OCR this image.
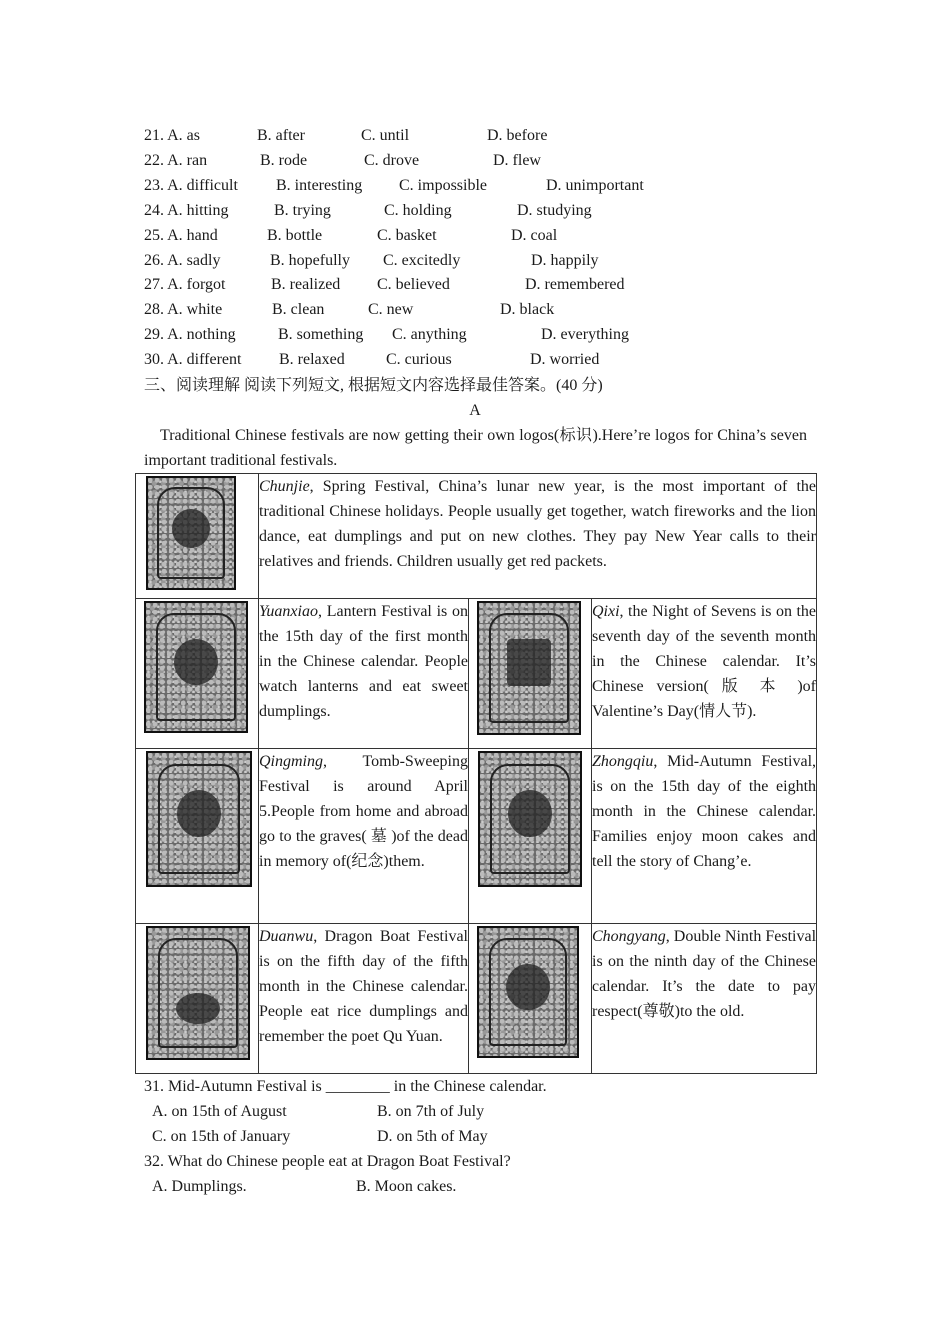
21. A. as	B. after	C. until	D. before
22. A. ran	B. rode	C. drove	D. flew
23. A. difficult B. interesting C. impossible	D. unimportant
24. A. hitting	B. trying	C. holding	D. studying
25. A. hand	B. bottle	C. basket	D. coal
26. A. sadly	B. hopefully C. excitedly	D. happily
27. A. forgot	B. realized C. believed	D. remembered
28. A. white	B. clean	C. new	D. black
29. A. nothing	B. something C. anything	D. everything
30. A. different B. relaxed	C. curious	D. worried
三、阅读理解 阅读下列短文, 根据短文内容选择最佳答案。(40 分)
A
Traditional Chinese festivals are now getting their own logos(标识).Here’re logos for China’s seven important traditional festivals.
	Chunjie, Spring Festival, China’s lunar new year, is the most important of the traditional Chinese holidays. People usually get together, watch fireworks and the lion dance, eat dumplings and put on new clothes. They pay New Year calls to their relatives and friends. Children usually get red packets.		

	Yuanxiao, Lantern Festival is on the 15th day of the first month in the Chinese calendar. People watch lanterns and eat sweet dumplings.		Qixi, the Night of Sevens is on the seventh day of the seventh month in the Chinese calendar. It’s Chinese version( 版 本 )of Valentine’s Day(情人节).

	Qingming, Tomb-Sweeping Festival is around April 5.People from home and abroad go to the graves( 墓 )of the dead in memory of(纪念)them.		Zhongqiu, Mid-Autumn Festival, is on the 15th day of the eighth month in the Chinese calendar. Families enjoy moon cakes and tell the story of Chang’e.

	Duanwu, Dragon Boat Festival is on the fifth day of the fifth month in the Chinese calendar. People eat rice dumplings and remember the poet Qu Yuan.		Chongyang, Double Ninth Festival is on the ninth day of the Chinese calendar. It’s the date to pay respect(尊敬)to the old.
31. Mid-Autumn Festival is ________ in the Chinese calendar.
A. on 15th of August	B. on 7th of July
C. on 15th of January	D. on 5th of May
32. What do Chinese people eat at Dragon Boat Festival?
A. Dumplings.	B. Moon cakes.
